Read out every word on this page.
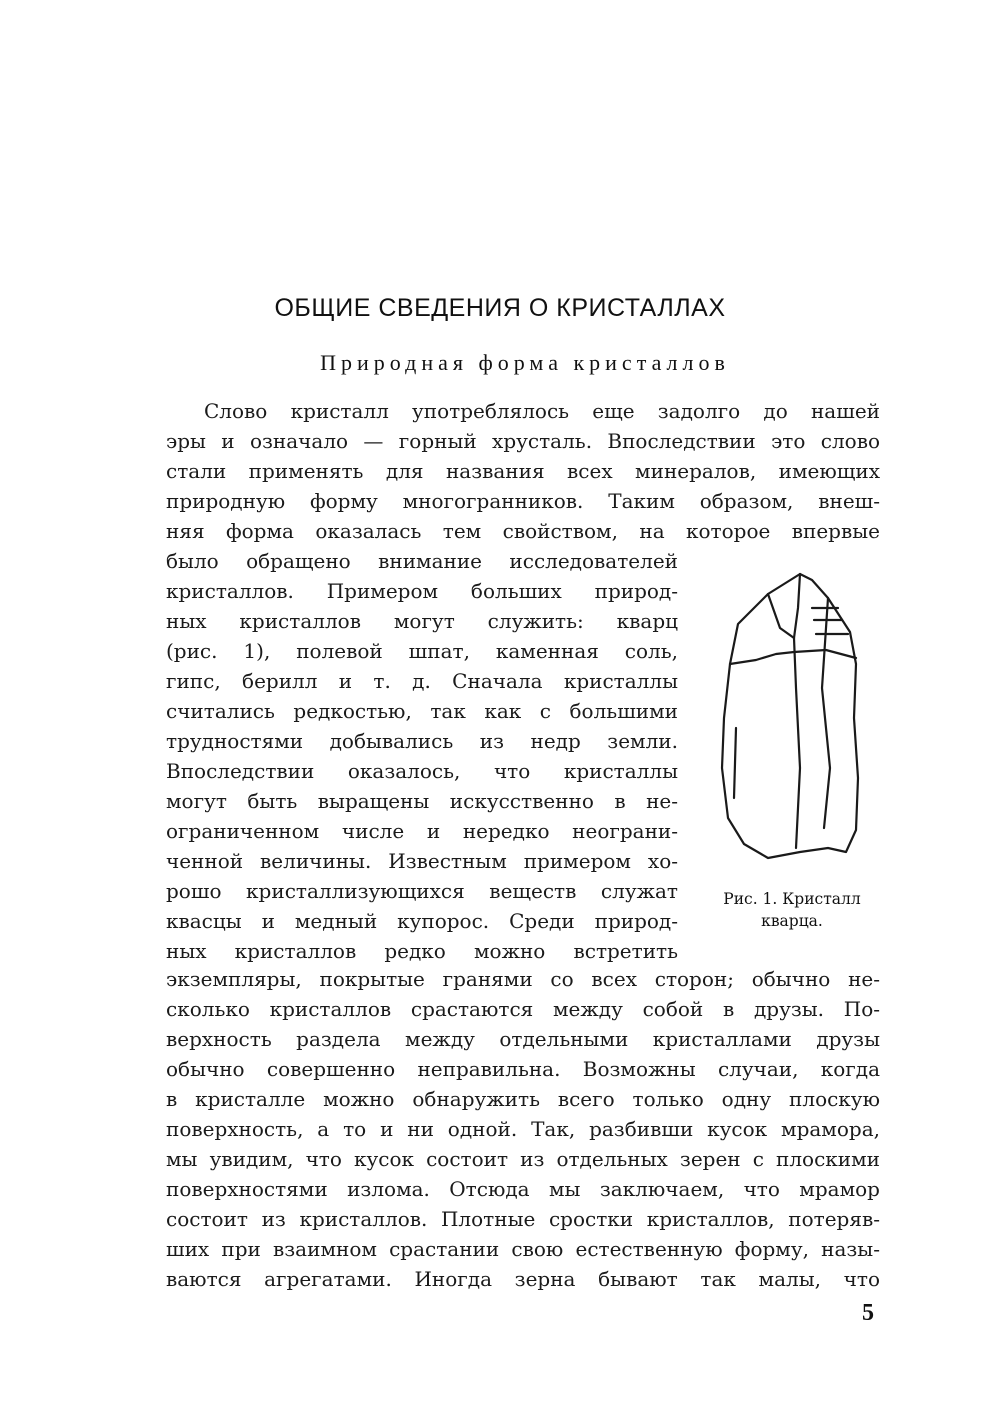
ОБЩИЕ СВЕДЕНИЯ О КРИСТАЛЛАХ
Природная форма кристаллов
Слово кристалл употреблялось еще задолго до нашей
эры и означало — горный хрусталь. Впоследствии это слово
стали применять для названия всех минералов, имеющих
природную форму многогранников. Таким образом, внеш-
няя форма оказалась тем свойством, на которое впервые
было обращено внимание исследователей
кристаллов. Примером больших природ-
ных кристаллов могут служить: кварц
(рис. 1), полевой шпат, каменная соль,
гипс, берилл и т. д. Сначала кристаллы
считались редкостью, так как с большими
трудностями добывались из недр земли.
Впоследствии оказалось, что кристаллы
могут быть выращены искусственно в не-
ограниченном числе и нередко неограни-
ченной величины. Известным примером хо-
рошо кристаллизующихся веществ служат
квасцы и медный купорос. Среди природ-
ных кристаллов редко можно встретить
Рис. 1. Кристалл
кварца.
экземпляры, покрытые гранями со всех сторон; обычно не-
сколько кристаллов срастаются между собой в друзы. По-
верхность раздела между отдельными кристаллами друзы
обычно совершенно неправильна. Возможны случаи, когда
в кристалле можно обнаружить всего только одну плоскую
поверхность, а то и ни одной. Так, разбивши кусок мрамора,
мы увидим, что кусок состоит из отдельных зерен с плоскими
поверхностями излома. Отсюда мы заключаем, что мрамор
состоит из кристаллов. Плотные сростки кристаллов, потеряв-
ших при взаимном срастании свою естественную форму, назы-
ваются агрегатами. Иногда зерна бывают так малы, что
5
